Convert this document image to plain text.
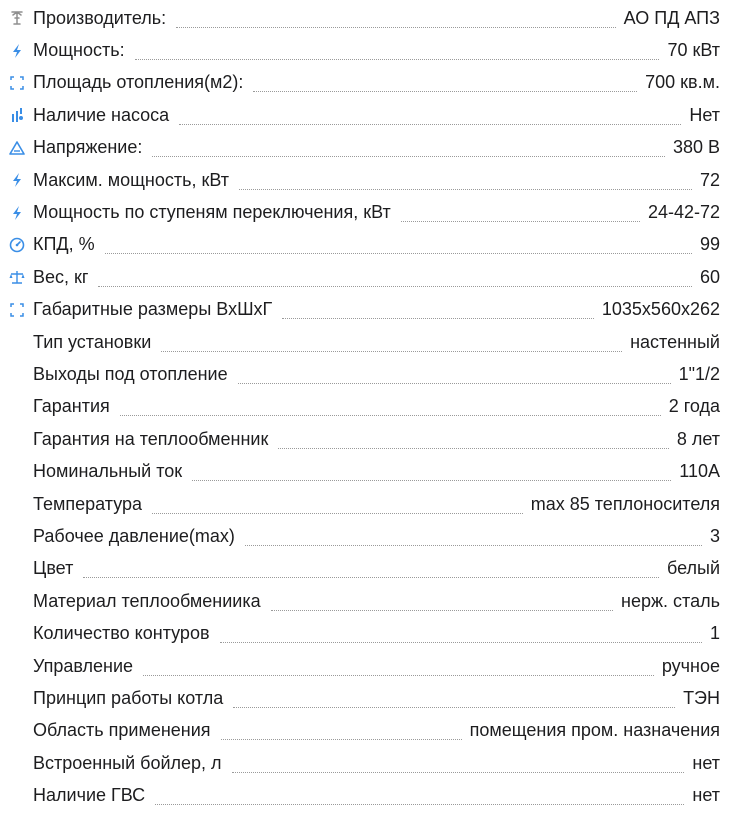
Производитель:	АО ПД АПЗ
Мощность:	70 кВт
Площадь отопления(м2):	700 кв.м.
Наличие насоса	Нет
Напряжение:	380 В
Максим. мощность, кВт	72
Мощность по ступеням переключения, кВт	24-42-72
КПД, %	99
Вес, кг	60
Габаритные размеры ВхШхГ	1035x560x262
Тип установки	настенный
Выходы под отопление	1"1/2
Гарантия	2 года
Гарантия на теплообменник	8 лет
Номинальный ток	110А
Температура	max 85 теплоносителя
Рабочее давление(max)	3
Цвет	белый
Материал теплообмениика	нерж. сталь
Количество контуров	1
Управление	ручное
Принцип работы котла	ТЭН
Область применения	помещения пром. назначения
Встроенный бойлер, л	нет
Наличие ГВС	нет
